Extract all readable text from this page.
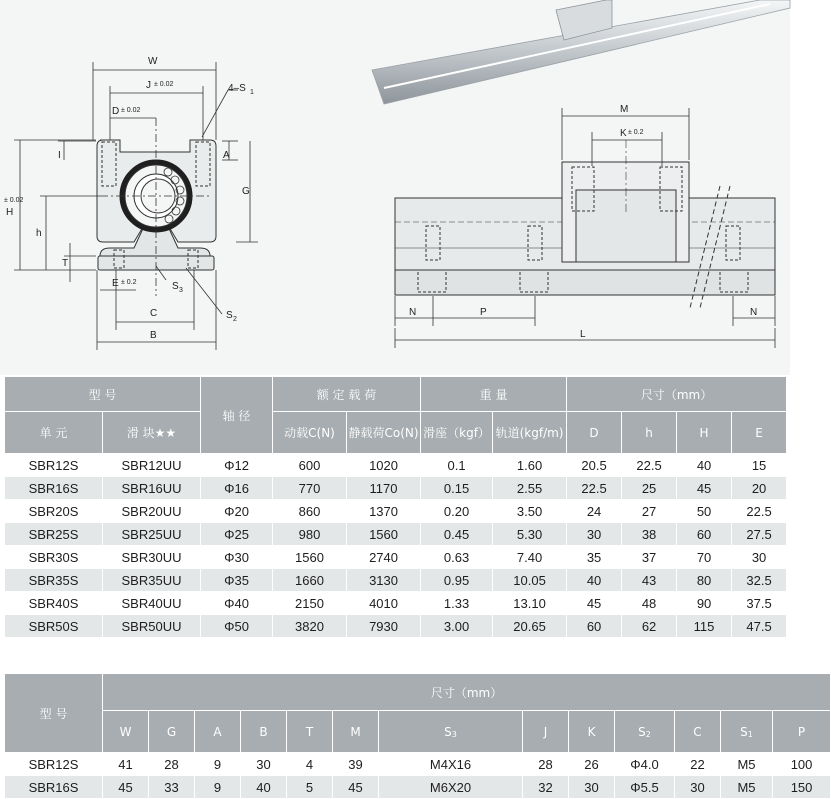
W
J ± 0.02	4–S 1
D ± 0.02
I	A
G
H
± 0.02
h
T
E ± 0.2	S 3
C	S 2
B
M
K ± 0.2
N	P	N
L
型 号		轴 径	额 定 载 荷		重 量		尺寸（mm）			
单 元	滑 块★★		动载C(N)	静载荷Co(N)	滑座（kgf）	轨道(kgf/m)	D	h	H	E
SBR12S	SBR12UU	Φ12	600	1020	0.1	1.60	20.5	22.5	40	15
SBR16S	SBR16UU	Φ16	770	1170	0.15	2.55	22.5	25	45	20
SBR20S	SBR20UU	Φ20	860	1370	0.20	3.50	24	27	50	22.5
SBR25S	SBR25UU	Φ25	980	1560	0.45	5.30	30	38	60	27.5
SBR30S	SBR30UU	Φ30	1560	2740	0.63	7.40	35	37	70	30
SBR35S	SBR35UU	Φ35	1660	3130	0.95	10.05	40	43	80	32.5
SBR40S	SBR40UU	Φ40	2150	4010	1.33	13.10	45	48	90	37.5
SBR50S	SBR50UU	Φ50	3820	7930	3.00	20.65	60	62	115	47.5
型 号	尺寸（mm）												
	W	G	A	B	T	M	S3	J	K	S2	C	S1	P
SBR12S	41	28	9	30	4	39	M4X16	28	26	Φ4.0	22	M5	100
SBR16S	45	33	9	40	5	45	M6X20	32	30	Φ5.5	30	M5	150
